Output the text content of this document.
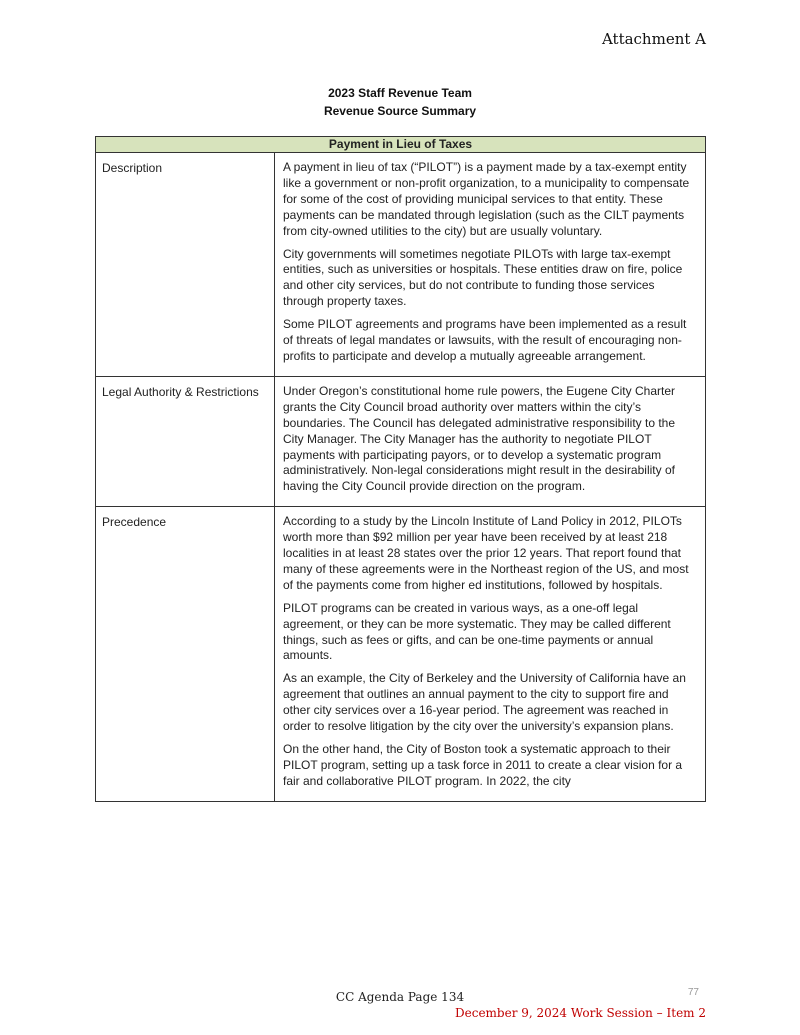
Attachment A
2023 Staff Revenue Team
Revenue Source Summary
Payment in Lieu of Taxes	
Description	A payment in lieu of tax (“PILOT”) is a payment made by a tax-exempt entity like a government or non-profit organization, to a municipality to compensate for some of the cost of providing municipal services to that entity. These payments can be mandated through legislation (such as the CILT payments from city-owned utilities to the city) but are usually voluntary.

City governments will sometimes negotiate PILOTs with large tax-exempt entities, such as universities or hospitals. These entities draw on fire, police and other city services, but do not contribute to funding those services through property taxes.

Some PILOT agreements and programs have been implemented as a result of threats of legal mandates or lawsuits, with the result of encouraging non-profits to participate and develop a mutually agreeable arrangement.

Legal Authority & Restrictions	Under Oregon’s constitutional home rule powers, the Eugene City Charter grants the City Council broad authority over matters within the city’s boundaries. The Council has delegated administrative responsibility to the City Manager. The City Manager has the authority to negotiate PILOT payments with participating payors, or to develop a systematic program administratively. Non-legal considerations might result in the desirability of having the City Council provide direction on the program.

Precedence	According to a study by the Lincoln Institute of Land Policy in 2012, PILOTs worth more than $92 million per year have been received by at least 218 localities in at least 28 states over the prior 12 years. That report found that many of these agreements were in the Northeast region of the US, and most of the payments come from higher ed institutions, followed by hospitals.

PILOT programs can be created in various ways, as a one-off legal agreement, or they can be more systematic. They may be called different things, such as fees or gifts, and can be one-time payments or annual amounts.

As an example, the City of Berkeley and the University of California have an agreement that outlines an annual payment to the city to support fire and other city services over a 16-year period. The agreement was reached in order to resolve litigation by the city over the university’s expansion plans.

On the other hand, the City of Boston took a systematic approach to their PILOT program, setting up a task force in 2011 to create a clear vision for a fair and collaborative PILOT program. In 2022, the city

CC Agenda Page 134	77
December 9, 2024 Work Session – Item 2
